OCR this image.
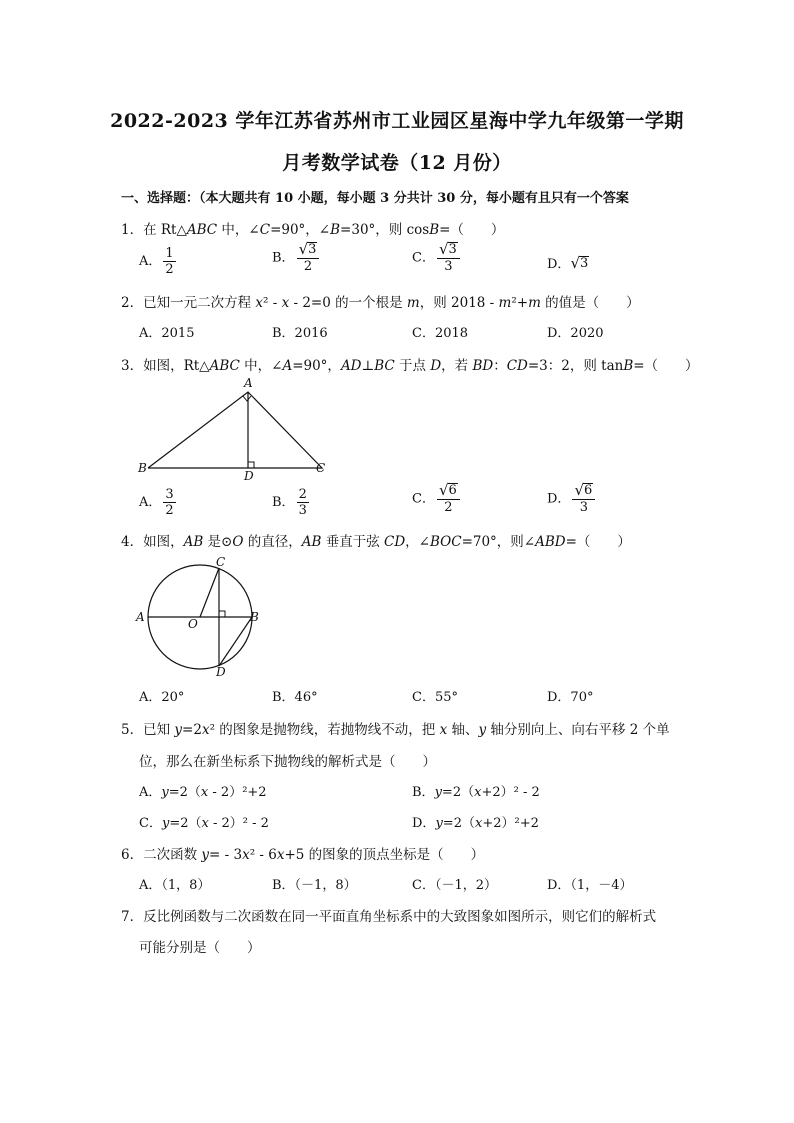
2022-2023 学年江苏省苏州市工业园区星海中学九年级第一学期
月考数学试卷（12 月份）
一、选择题：（本大题共有 10 小题，每小题 3 分共计 30 分，每小题有且只有一个答案
1．在 Rt△ABC 中，∠C=90°，∠B=30°，则 cosB=（　　）
A． $\frac{1}{2}$	B． $\frac{√ 3}{2}$	C． $\frac{√ 3}{3}$	D． √ 3
2．已知一元二次方程 x² - x - 2=0 的一个根是 m，则 2018 - m²+m 的值是（　　）
A．2015	B．2016	C．2018	D．2020
3．如图，Rt△ABC 中，∠A=90°，AD⊥BC 于点 D，若 BD：CD=3：2，则 tanB=（　　）
A
B	C
D
A． $\frac{3}{2}$	B． $\frac{2}{3}$	C． $\frac{√ 6}{2}$	D． $\frac{√ 6}{3}$
4．如图，AB 是⊙O 的直径，AB 垂直于弦 CD，∠BOC=70°，则∠ABD=（　　）
A	B
C
D
O
A．20°	B．46°	C．55°	D．70°
5．已知 y=2x² 的图象是抛物线，若抛物线不动，把 x 轴、y 轴分别向上、向右平移 2 个单
位，那么在新坐标系下抛物线的解析式是（　　）
A．y=2（x - 2）²+2	B．y=2（x+2）² - 2
C．y=2（x - 2）² - 2	D．y=2（x+2）²+2
6．二次函数 y= - 3x² - 6x+5 的图象的顶点坐标是（　　）
A．（1，8）	B．（－1，8）	C．（－1，2）	D．（1，－4）
7．反比例函数与二次函数在同一平面直角坐标系中的大致图象如图所示，则它们的解析式
可能分别是（　　）
